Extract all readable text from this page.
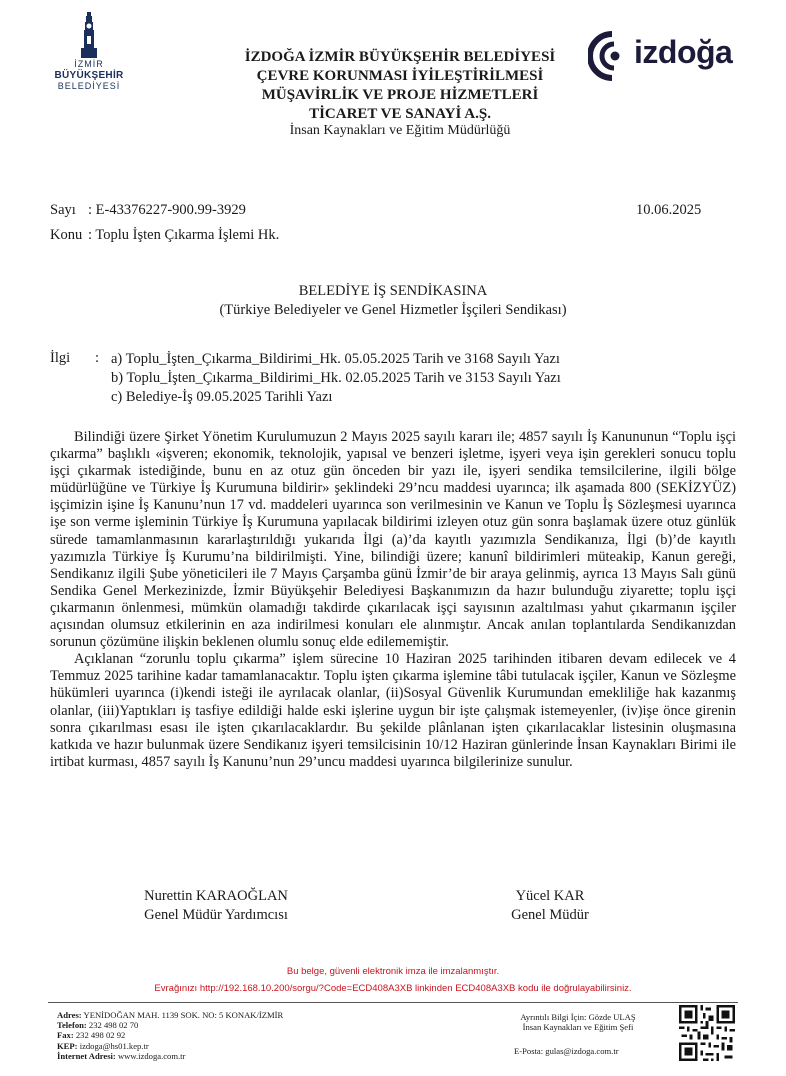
İZMİR
BÜYÜKŞEHİR
BELEDİYESİ
İZDOĞA İZMİR BÜYÜKŞEHİR BELEDİYESİ
ÇEVRE KORUNMASI İYİLEŞTİRİLMESİ
MÜŞAVİRLİK VE PROJE HİZMETLERİ
TİCARET VE SANAYİ A.Ş.
İnsan Kaynakları ve Eğitim Müdürlüğü
izdoğa
Sayı : E-43376227-900.99-3929
Konu : Toplu İşten Çıkarma İşlemi Hk.
10.06.2025
BELEDİYE İŞ SENDİKASINA
(Türkiye Belediyeler ve Genel Hizmetler İşçileri Sendikası)
İlgi : a) Toplu_İşten_Çıkarma_Bildirimi_Hk. 05.05.2025 Tarih ve 3168 Sayılı Yazı
b) Toplu_İşten_Çıkarma_Bildirimi_Hk. 02.05.2025 Tarih ve 3153 Sayılı Yazı
c) Belediye-İş 09.05.2025 Tarihli Yazı

Bilindiği üzere Şirket Yönetim Kurulumuzun 2 Mayıs 2025 sayılı kararı ile; 4857 sayılı İş Kanununun “Toplu işçi çıkarma” başlıklı «işveren; ekonomik, teknolojik, yapısal ve benzeri işletme, işyeri veya işin gerekleri sonucu toplu işçi çıkarmak istediğinde, bunu en az otuz gün önceden bir yazı ile, işyeri sendika temsilcilerine, ilgili bölge müdürlüğüne ve Türkiye İş Kurumuna bildirir» şeklindeki 29’ncu maddesi uyarınca; ilk aşamada 800 (SEKİZYÜZ) işçimizin işine İş Kanunu’nun 17 vd. maddeleri uyarınca son verilmesinin ve Kanun ve Toplu İş Sözleşmesi uyarınca işe son verme işleminin Türkiye İş Kurumuna yapılacak bildirimi izleyen otuz gün sonra başlamak üzere otuz günlük sürede tamamlanmasının kararlaştırıldığı yukarıda İlgi (a)’da kayıtlı yazımızla Sendikanıza, İlgi (b)’de kayıtlı yazımızla Türkiye İş Kurumu’na bildirilmişti. Yine, bilindiği üzere; kanunî bildirimleri müteakip, Kanun gereği, Sendikanız ilgili Şube yöneticileri ile 7 Mayıs Çarşamba günü İzmir’de bir araya gelinmiş, ayrıca 13 Mayıs Salı günü Sendika Genel Merkezinizde, İzmir Büyükşehir Belediyesi Başkanımızın da hazır bulunduğu ziyarette; toplu işçi çıkarmanın önlenmesi, mümkün olamadığı takdirde çıkarılacak işçi sayısının azaltılması yahut çıkarmanın işçiler açısından olumsuz etkilerinin en aza indirilmesi konuları ele alınmıştır. Ancak anılan toplantılarda Sendikanızdan sorunun çözümüne ilişkin beklenen olumlu sonuç elde edilememiştir.

Açıklanan “zorunlu toplu çıkarma” işlem sürecine 10 Haziran 2025 tarihinden itibaren devam edilecek ve 4 Temmuz 2025 tarihine kadar tamamlanacaktır. Toplu işten çıkarma işlemine tâbi tutulacak işçiler, Kanun ve Sözleşme hükümleri uyarınca (i)kendi isteği ile ayrılacak olanlar, (ii)Sosyal Güvenlik Kurumundan emekliliğe hak kazanmış olanlar, (iii)Yaptıkları iş tasfiye edildiği halde eski işlerine uygun bir işte çalışmak istemeyenler, (iv)işe önce girenin sonra çıkarılması esası ile işten çıkarılacaklardır. Bu şekilde plânlanan işten çıkarılacaklar listesinin oluşmasına katkıda ve hazır bulunmak üzere Sendikanız işyeri temsilcisinin 10/12 Haziran günlerinde İnsan Kaynakları Birimi ile irtibat kurması, 4857 sayılı İş Kanunu’nun 29’uncu maddesi uyarınca bilgilerinize sunulur.

Nurettin KARAOĞLAN
Genel Müdür Yardımcısı
Yücel KAR
Genel Müdür
Bu belge, güvenli elektronik imza ile imzalanmıştır.
Evrağınızı http://192.168.10.200/sorgu/?Code=ECD408A3XB linkinden ECD408A3XB kodu ile doğrulayabilirsiniz.
Adres: YENİDOĞAN MAH. 1139 SOK. NO: 5 KONAK/İZMİR
Telefon: 232 498 02 70
Fax: 232 498 02 92
KEP: izdoga@hs01.kep.tr
İnternet Adresi: www.izdoga.com.tr
Ayrıntılı Bilgi İçin: Gözde ULAŞ
İnsan Kaynakları ve Eğitim Şefi
E-Posta: gulas@izdoga.com.tr
